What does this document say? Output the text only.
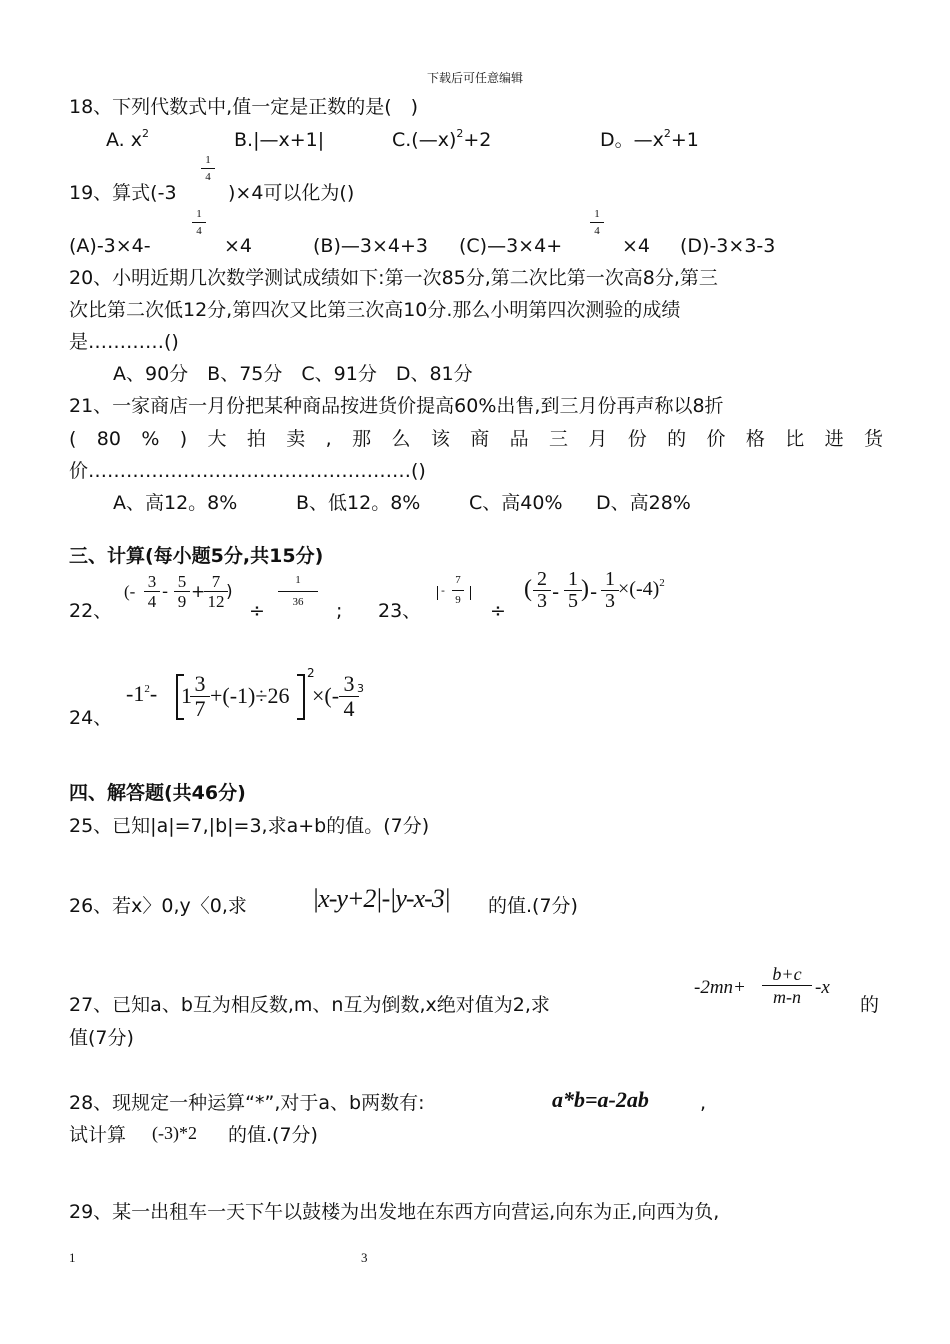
下载后可任意编辑
18、下列代数式中,值一定是正数的是(　)
A. $x^2$	B.|—x+1|	C.(—x)$^2$+2	D。$—x^2+1$
19、算式(-3
1
4
)×4可以化为()
(A)-3×4-
1
4
×4	(B)—3×4+3 (C)—3×4+
1
4
×4 (D)-3×3-3
20、小明近期几次数学测试成绩如下:第一次85分,第二次比第一次高8分,第三
次比第二次低12分,第四次又比第三次高10分.那么小明第四次测验的成绩
是…………()
A、90分　B、75分　C、91分　D、81分
21、一家商店一月份把某种商品按进货价提高60%出售,到三月份再声称以8折
( 80 % ) 大 拍 卖 , 那 么 该 商 品 三 月 份 的 价 格 比 进 货
价……………………………………………()
A、高12。8%	B、低12。8%	C、高40% D、高28%
三、计算(每小题5分,共15分)
22、
(-
3
4 -
5
9 +
7
12 )
÷
1
36	; 23、
-
7
9 ÷
( 2
3 -
1
5 ) -
1
3
$\times(-4)^2$
24、
$-1^2-$ 1 3
7
+(-1)÷26
2
×(- 3
4
3
四、解答题(共46分)
25、已知|a|=7,|b|=3,求a+b的值。(7分)
26、若x〉0,y〈0,求	|x-y+2|-|y-x-3| 的值.(7分)
27、已知a、b互为相反数,m、n互为倒数,x绝对值为2,求
-2mn+
b+c
m-n -x
的
值(7分)
28、现规定一种运算“*”,对于a、b两数有:	a*b=a-2ab	,
试计算 (-3)*2 的值.(7分)
29、某一出租车一天下午以鼓楼为出发地在东西方向营运,向东为正,向西为负,
1	3
